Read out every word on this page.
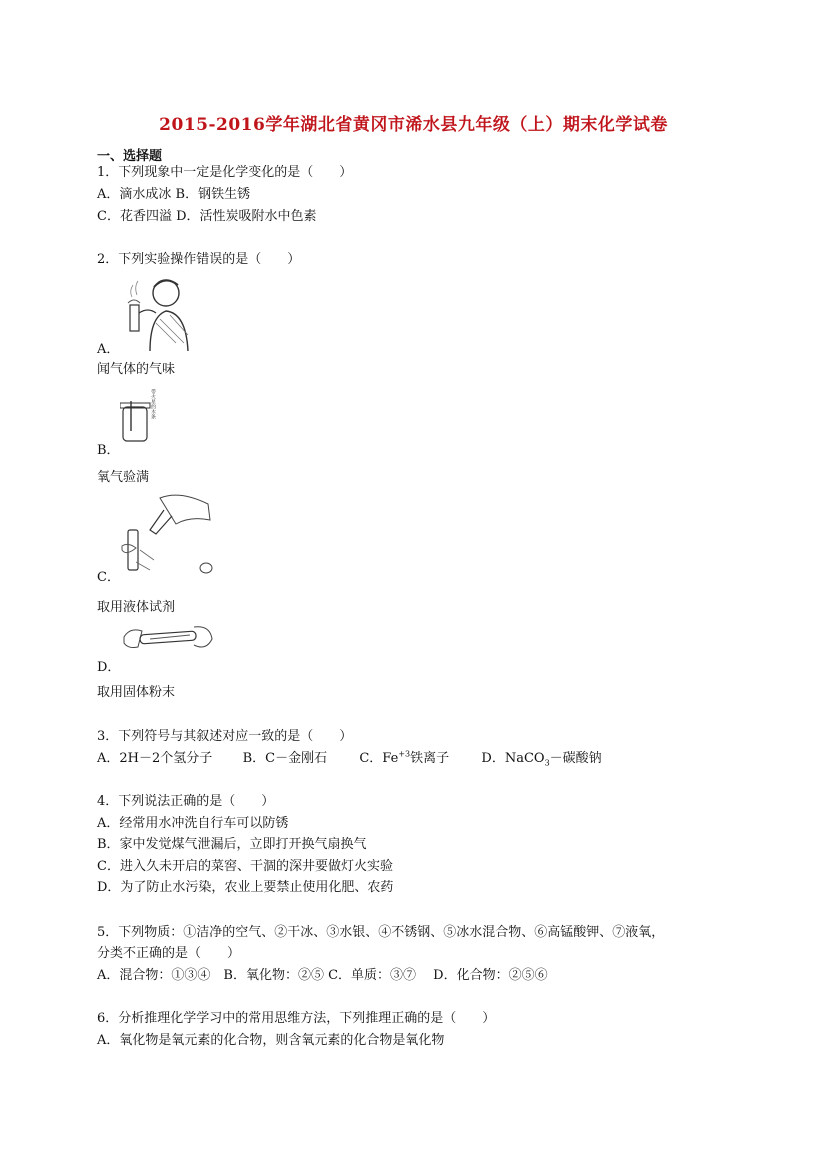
2015-2016学年湖北省黄冈市浠水县九年级（上）期末化学试卷
一、选择题
1．下列现象中一定是化学变化的是（　　）
A．滴水成冰 B．钢铁生锈
C．花香四溢 D．活性炭吸附水中色素
2．下列实验操作错误的是（　　）
A．
闻气体的气味
带火星的木条
B．
氧气验满
C．
取用液体试剂
D．
取用固体粉末
3．下列符号与其叙述对应一致的是（　　）
A．2H－2个氢分子 B．C－金刚石 C．$Fe^{+3}$铁离子 D．NaCO$_3$－碳酸钠
4．下列说法正确的是（　　）
A．经常用水冲洗自行车可以防锈
B．家中发觉煤气泄漏后，立即打开换气扇换气
C．进入久未开启的菜窖、干涸的深井要做灯火实验
D．为了防止水污染，农业上要禁止使用化肥、农药
5．下列物质：①洁净的空气、②干冰、③水银、④不锈钢、⑤冰水混合物、⑥高锰酸钾、⑦液氧，
分类不正确的是（　　）
A．混合物：①③④　B．氧化物：②⑤ C．单质：③⑦　 D．化合物：②⑤⑥
6．分析推理化学学习中的常用思维方法，下列推理正确的是（　　）
A．氧化物是氧元素的化合物，则含氧元素的化合物是氧化物
